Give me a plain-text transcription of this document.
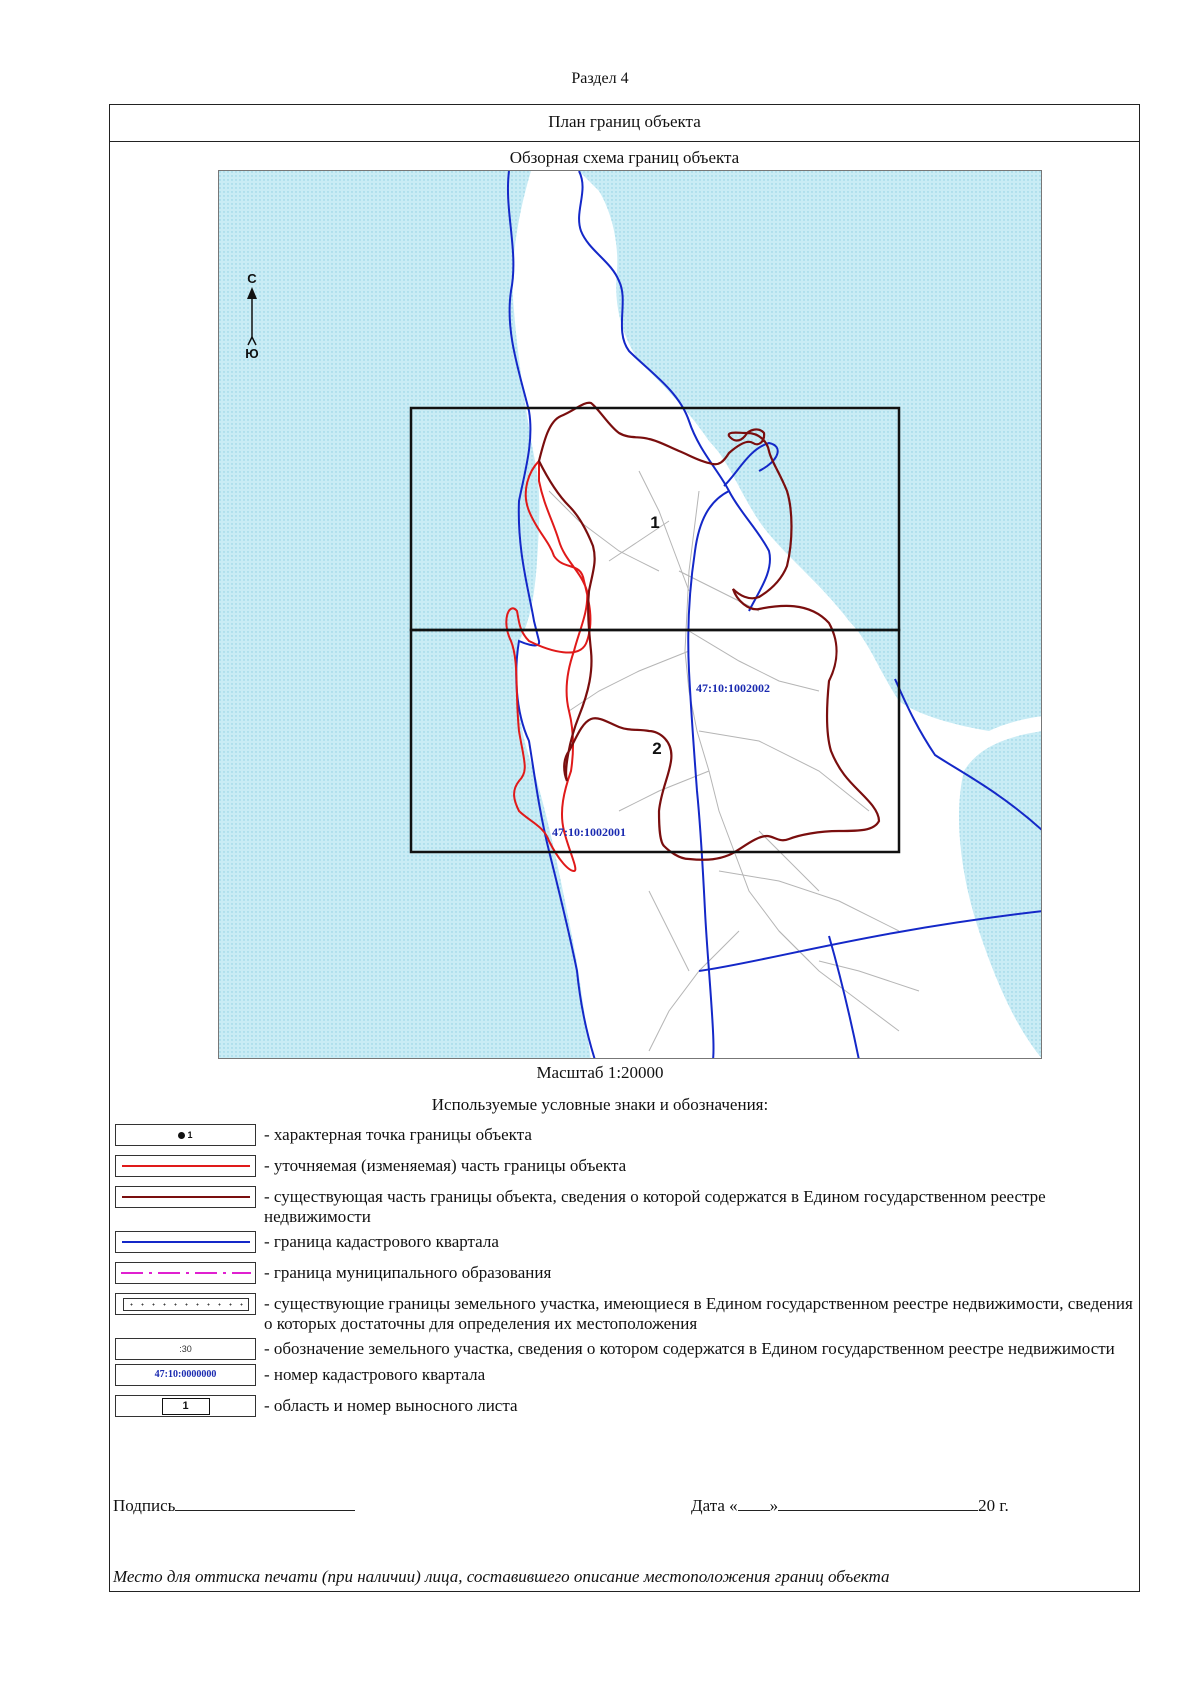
Раздел 4
План границ объекта
Обзорная схема границ объекта
С
Ю
1
2
47:10:1002002
47:10:1002001
Масштаб 1:20000
Используемые условные знаки и обозначения:
1	- характерная точка границы объекта
- уточняемая (изменяемая) часть границы объекта
- существующая часть границы объекта, сведения о которой содержатся в Едином государственном реестре недвижимости
- граница кадастрового квартала
- граница муниципального образования
- существующие границы земельного участка, имеющиеся в Едином государственном реестре недвижимости, сведения о которых достаточны для определения их местоположения
:30	- обозначение земельного участка, сведения о котором содержатся в Едином государственном реестре недвижимости
47:10:0000000	- номер кадастрового квартала
1	- область и номер выносного листа
Подпись	Дата « »	20 г.
Место для оттиска печати (при наличии) лица, составившего описание местоположения границ объекта
